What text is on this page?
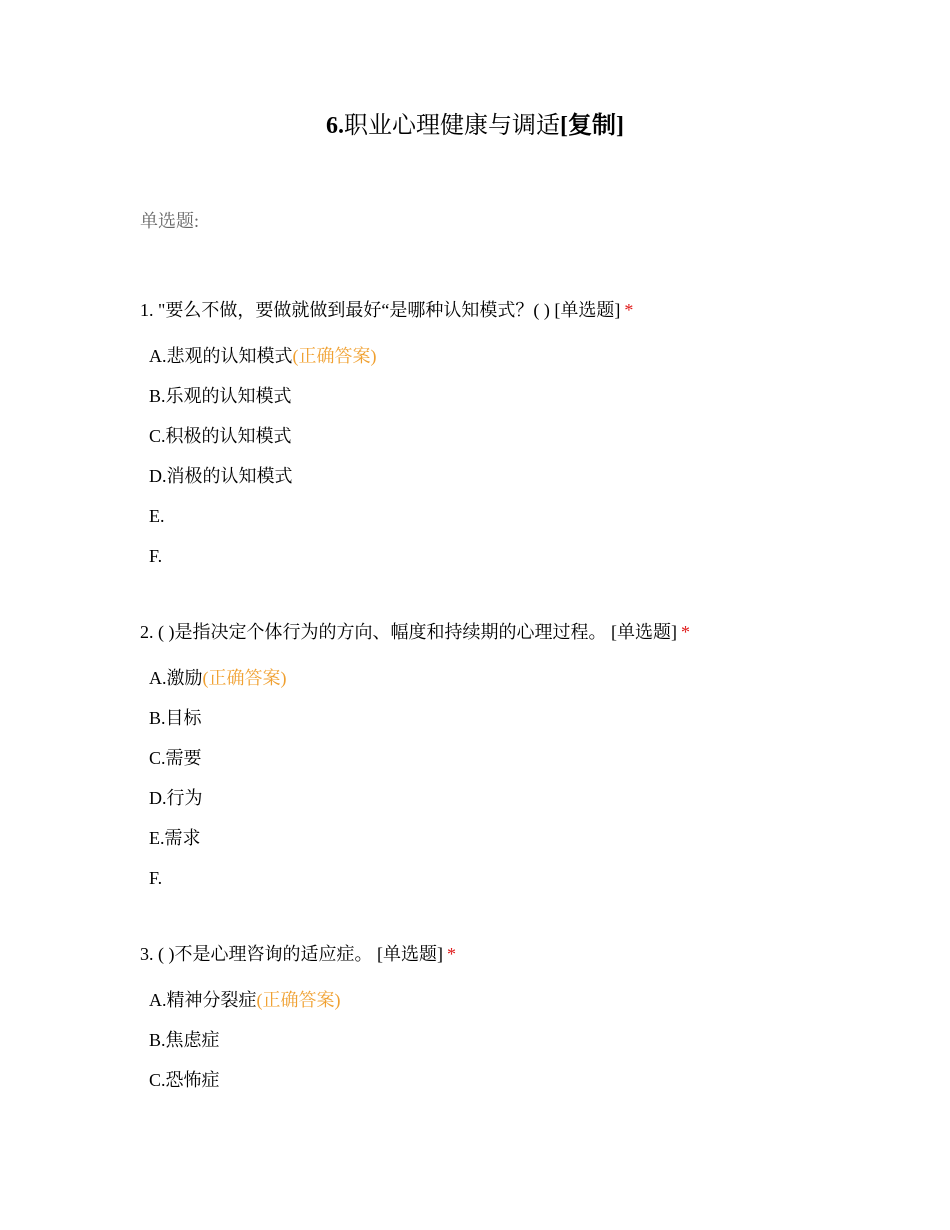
6.职业心理健康与调适[复制]
单选题:
1. "要么不做，要做就做到最好“是哪种认知模式？( ) [单选题] *
A.悲观的认知模式(正确答案)
B.乐观的认知模式
C.积极的认知模式
D.消极的认知模式
E.
F.
2. ( )是指决定个体行为的方向、幅度和持续期的心理过程。 [单选题] *
A.激励(正确答案)
B.目标
C.需要
D.行为
E.需求
F.
3. ( )不是心理咨询的适应症。 [单选题] *
A.精神分裂症(正确答案)
B.焦虑症
C.恐怖症
